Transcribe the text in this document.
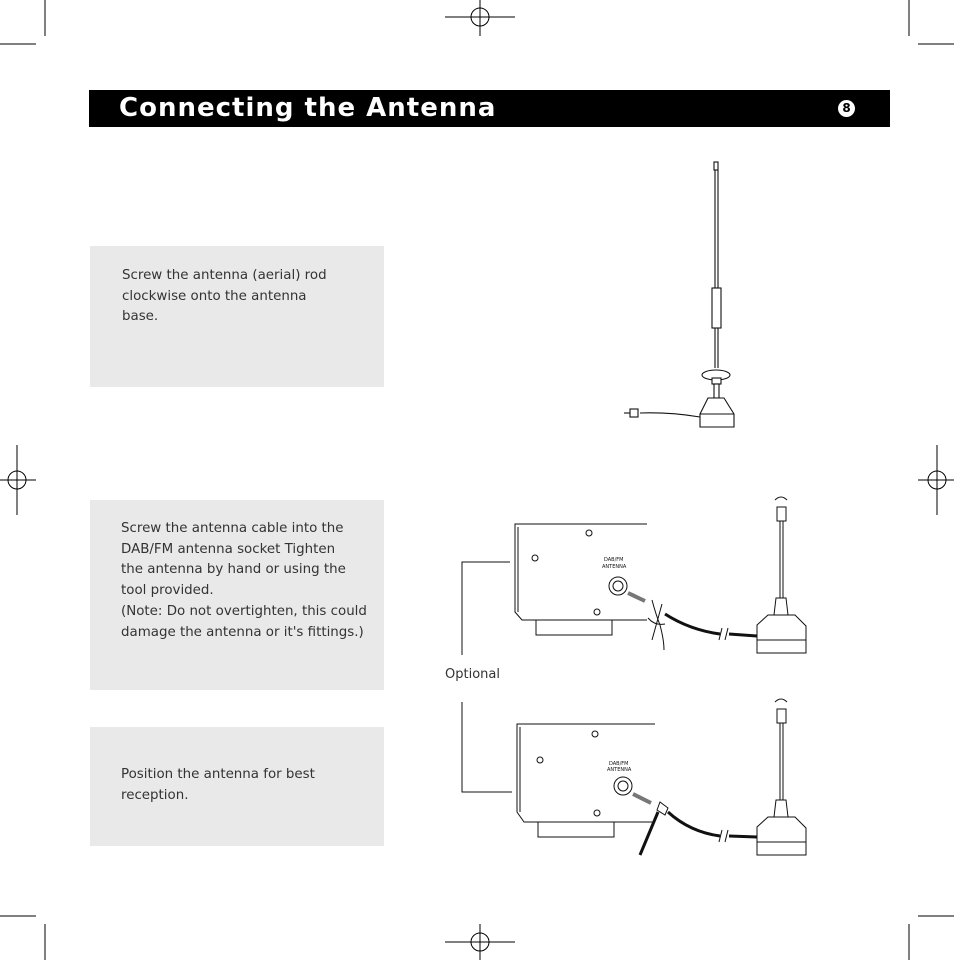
Connecting the Antenna	8
Screw the antenna (aerial) rod
clockwise onto the antenna
base.
Screw the antenna cable into the
DAB/FM antenna socket Tighten
the antenna by hand or using the
tool provided.
(Note: Do not overtighten, this could
damage the antenna or it's fittings.)
Position the antenna for best reception.
Optional
DAB/FM
ANTENNA
DAB/FM
ANTENNA
